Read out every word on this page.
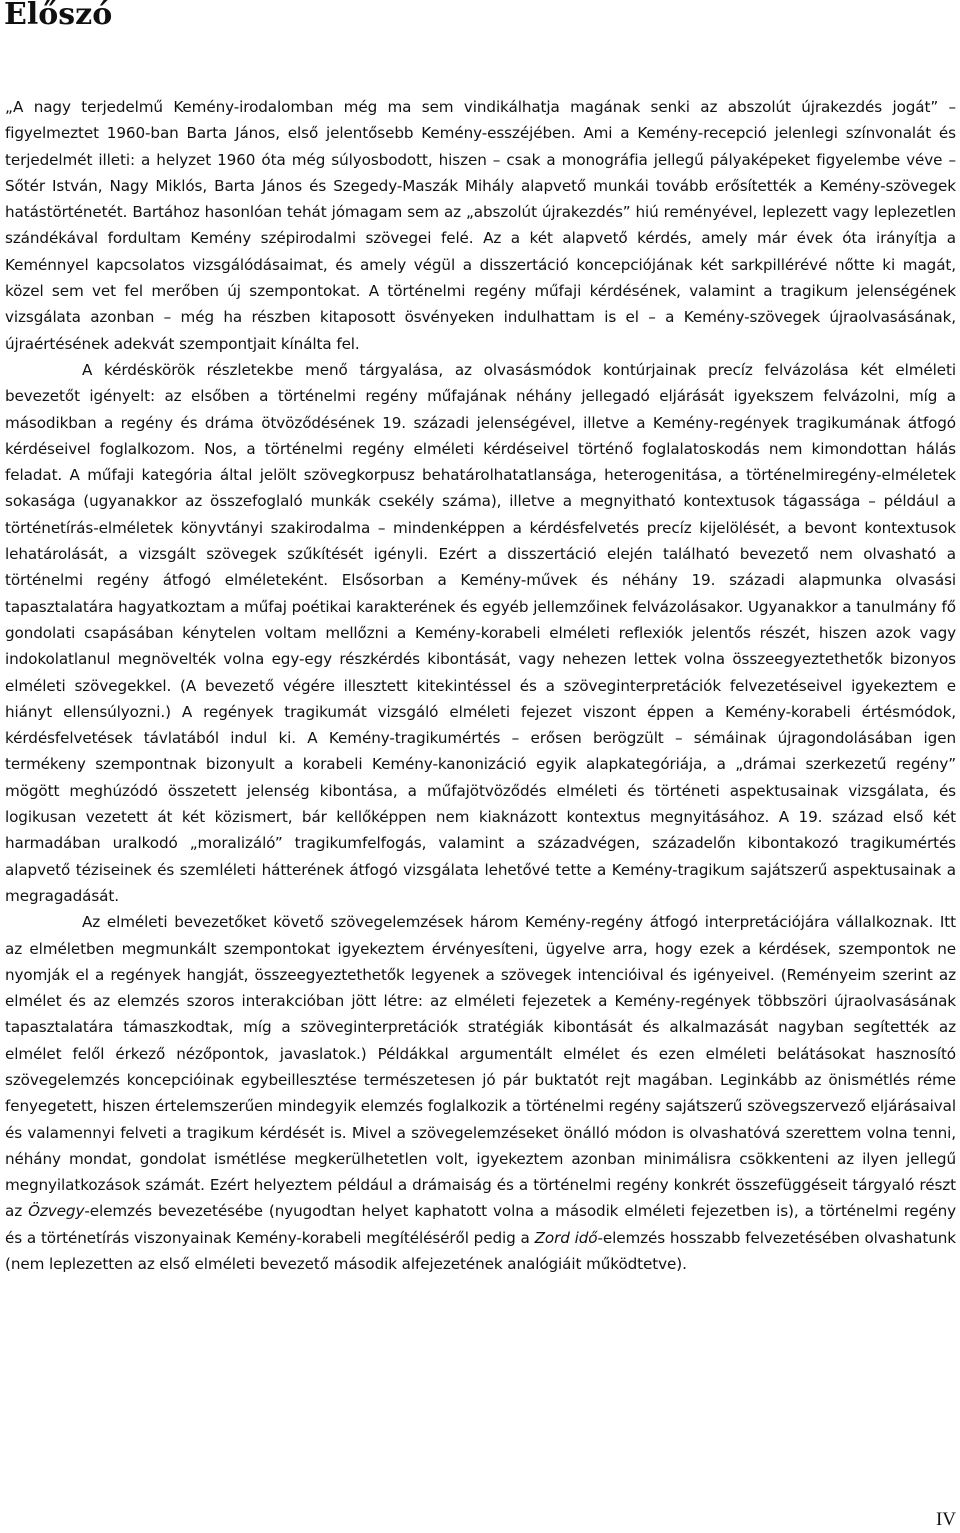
Előszó

„A nagy terjedelmű Kemény-irodalomban még ma sem vindikálhatja magának senki az abszolút újrakezdés jogát” – figyelmeztet 1960-ban Barta János, első jelentősebb Kemény-esszéjében. Ami a Kemény-recepció jelenlegi színvonalát és terjedelmét illeti: a helyzet 1960 óta még súlyosbodott, hiszen – csak a monográfia jellegű pályaképeket figyelembe véve – Sőtér István, Nagy Miklós, Barta János és Szegedy-Maszák Mihály alapvető munkái tovább erősítették a Kemény-szövegek hatástörténetét. Bartához hasonlóan tehát jómagam sem az „abszolút újrakezdés” hiú reményével, leplezett vagy leplezetlen szándékával fordultam Kemény szépirodalmi szövegei felé. Az a két alapvető kérdés, amely már évek óta irányítja a Keménnyel kapcsolatos vizsgálódásaimat, és amely végül a disszertáció koncepciójának két sarkpillérévé nőtte ki magát, közel sem vet fel merőben új szempontokat. A történelmi regény műfaji kérdésének, valamint a tragikum jelenségének vizsgálata azonban – még ha részben kitaposott ösvényeken indulhattam is el – a Kemény-szövegek újraolvasásának, újraértésének adekvát szempontjait kínálta fel.

A kérdéskörök részletekbe menő tárgyalása, az olvasásmódok kontúrjainak precíz felvázolása két elméleti bevezetőt igényelt: az elsőben a történelmi regény műfajának néhány jellegadó eljárását igyekszem felvázolni, míg a másodikban a regény és dráma ötvöződésének 19. századi jelenségével, illetve a Kemény-regények tragikumának átfogó kérdéseivel foglalkozom. Nos, a történelmi regény elméleti kérdéseivel történő foglalatoskodás nem kimondottan hálás feladat. A műfaji kategória által jelölt szövegkorpusz behatárolhatatlansága, heterogenitása, a történelmiregény-elméletek sokasága (ugyanakkor az összefoglaló munkák csekély száma), illetve a megnyitható kontextusok tágassága – például a történetírás-elméletek könyvtányi szakirodalma – mindenképpen a kérdésfelvetés precíz kijelölését, a bevont kontextusok lehatárolását, a vizsgált szövegek szűkítését igényli. Ezért a disszertáció elején található bevezető nem olvasható a történelmi regény átfogó elméleteként. Elsősorban a Kemény-művek és néhány 19. századi alapmunka olvasási tapasztalatára hagyatkoztam a műfaj poétikai karakterének és egyéb jellemzőinek felvázolásakor. Ugyanakkor a tanulmány fő gondolati csapásában kénytelen voltam mellőzni a Kemény-korabeli elméleti reflexiók jelentős részét, hiszen azok vagy indokolatlanul megnövelték volna egy-egy részkérdés kibontását, vagy nehezen lettek volna összeegyeztethetők bizonyos elméleti szövegekkel. (A bevezető végére illesztett kitekintéssel és a szöveginterpretációk felvezetéseivel igyekeztem e hiányt ellensúlyozni.) A regények tragikumát vizsgáló elméleti fejezet viszont éppen a Kemény-korabeli értésmódok, kérdésfelvetések távlatából indul ki. A Kemény-tragikumértés – erősen berögzült – sémáinak újragondolásában igen termékeny szempontnak bizonyult a korabeli Kemény-kanonizáció egyik alapkategóriája, a „drámai szerkezetű regény” mögött meghúzódó összetett jelenség kibontása, a műfajötvöződés elméleti és történeti aspektusainak vizsgálata, és logikusan vezetett át két közismert, bár kellőképpen nem kiaknázott kontextus megnyitásához. A 19. század első két harmadában uralkodó „moralizáló” tragikumfelfogás, valamint a századvégen, századelőn kibontakozó tragikumértés alapvető téziseinek és szemléleti hátterének átfogó vizsgálata lehetővé tette a Kemény-tragikum sajátszerű aspektusainak a megragadását.

Az elméleti bevezetőket követő szövegelemzések három Kemény-regény átfogó interpretációjára vállalkoznak. Itt az elméletben megmunkált szempontokat igyekeztem érvényesíteni, ügyelve arra, hogy ezek a kérdések, szempontok ne nyomják el a regények hangját, összeegyeztethetők legyenek a szövegek intencióival és igényeivel. (Reményeim szerint az elmélet és az elemzés szoros interakcióban jött létre: az elméleti fejezetek a Kemény-regények többszöri újraolvasásának tapasztalatára támaszkodtak, míg a szöveginterpretációk stratégiák kibontását és alkalmazását nagyban segítették az elmélet felől érkező nézőpontok, javaslatok.) Példákkal argumentált elmélet és ezen elméleti belátásokat hasznosító szövegelemzés koncepcióinak egybeillesztése természetesen jó pár buktatót rejt magában. Leginkább az önismétlés réme fenyegetett, hiszen értelemszerűen mindegyik elemzés foglalkozik a történelmi regény sajátszerű szövegszervező eljárásaival és valamennyi felveti a tragikum kérdését is. Mivel a szövegelemzéseket önálló módon is olvashatóvá szerettem volna tenni, néhány mondat, gondolat ismétlése megkerülhetetlen volt, igyekeztem azonban minimálisra csökkenteni az ilyen jellegű megnyilatkozások számát. Ezért helyeztem például a drámaiság és a történelmi regény konkrét összefüggéseit tárgyaló részt az Özvegy-elemzés bevezetésébe (nyugodtan helyet kaphatott volna a második elméleti fejezetben is), a történelmi regény és a történetírás viszonyainak Kemény-korabeli megítéléséről pedig a Zord idő-elemzés hosszabb felvezetésében olvashatunk (nem leplezetten az első elméleti bevezető második alfejezetének analógiáit működtetve).

IV
